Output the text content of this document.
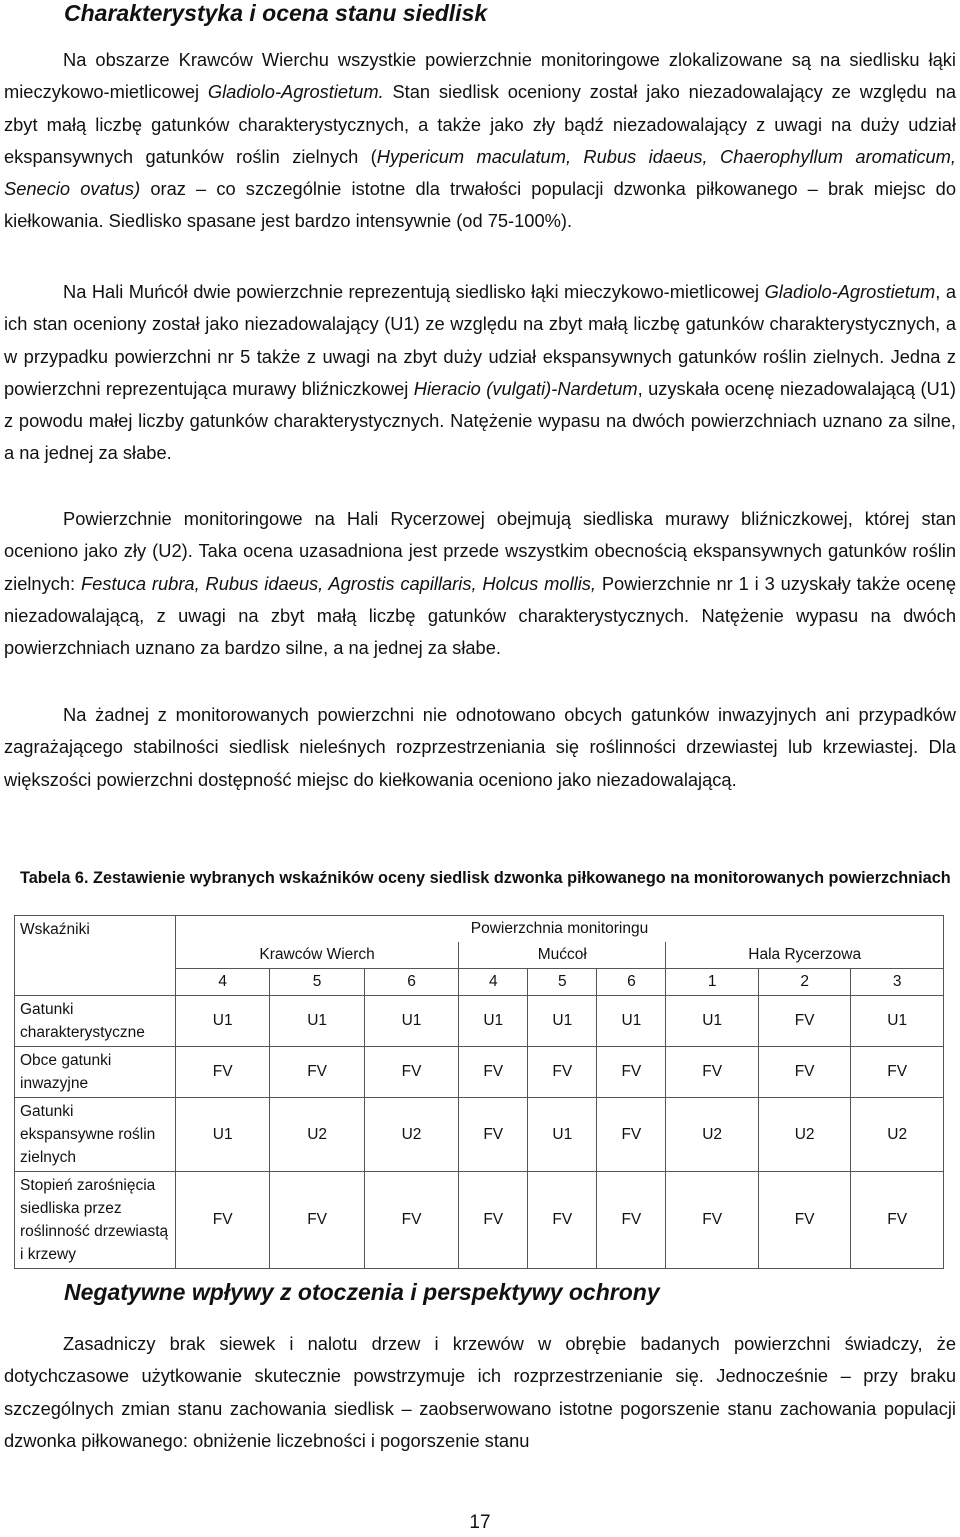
Charakterystyka i ocena stanu siedlisk

Na obszarze Krawców Wierchu wszystkie powierzchnie monitoringowe zlokalizowane są na siedlisku łąki mieczykowo-mietlicowej Gladiolo-Agrostietum. Stan siedlisk oceniony został jako niezadowalający ze względu na zbyt małą liczbę gatunków charakterystycznych, a także jako zły bądź niezadowalający z uwagi na duży udział ekspansywnych gatunków roślin zielnych (Hypericum maculatum, Rubus idaeus, Chaerophyllum aromaticum, Senecio ovatus) oraz – co szczególnie istotne dla trwałości populacji dzwonka piłkowanego – brak miejsc do kiełkowania. Siedlisko spasane jest bardzo intensywnie (od 75-100%).

Na Hali Muńcół dwie powierzchnie reprezentują siedlisko łąki mieczykowo-mietlicowej Gladiolo-Agrostietum, a ich stan oceniony został jako niezadowalający (U1) ze względu na zbyt małą liczbę gatunków charakterystycznych, a w przypadku powierzchni nr 5 także z uwagi na zbyt duży udział ekspansywnych gatunków roślin zielnych. Jedna z powierzchni reprezentująca murawy bliźniczkowej Hieracio (vulgati)-Nardetum, uzyskała ocenę niezadowalającą (U1) z powodu małej liczby gatunków charakterystycznych. Natężenie wypasu na dwóch powierzchniach uznano za silne, a na jednej za słabe.

Powierzchnie monitoringowe na Hali Rycerzowej obejmują siedliska murawy bliźniczkowej, której stan oceniono jako zły (U2). Taka ocena uzasadniona jest przede wszystkim obecnością ekspansywnych gatunków roślin zielnych: Festuca rubra, Rubus idaeus, Agrostis capillaris, Holcus mollis, Powierzchnie nr 1 i 3 uzyskały także ocenę niezadowalającą, z uwagi na zbyt małą liczbę gatunków charakterystycznych. Natężenie wypasu na dwóch powierzchniach uznano za bardzo silne, a na jednej za słabe.

Na żadnej z monitorowanych powierzchni nie odnotowano obcych gatunków inwazyjnych ani przypadków zagrażającego stabilności siedlisk nieleśnych rozprzestrzeniania się roślinności drzewiastej lub krzewiastej. Dla większości powierzchni dostępność miejsc do kiełkowania oceniono jako niezadowalającą.

Tabela 6. Zestawienie wybranych wskaźników oceny siedlisk dzwonka piłkowanego na monitorowanych powierzchniach

Wskaźniki	Powierzchnia monitoringu								
	Krawców Wierch			Mućcoł			Hala Rycerzowa		
	4	5	6	4	5	6	1	2	3
Gatunki charakterystyczne	U1	U1	U1	U1	U1	U1	U1	FV	U1
Obce gatunki inwazyjne	FV	FV	FV	FV	FV	FV	FV	FV	FV
Gatunki ekspansywne roślin zielnych	U1	U2	U2	FV	U1	FV	U2	U2	U2
Stopień zarośnięcia siedliska przez roślinność drzewiastą i krzewy	FV	FV	FV	FV	FV	FV	FV	FV	FV
Negatywne wpływy z otoczenia i perspektywy ochrony

Zasadniczy brak siewek i nalotu drzew i krzewów w obrębie badanych powierzchni świadczy, że dotychczasowe użytkowanie skutecznie powstrzymuje ich rozprzestrzenianie się. Jednocześnie – przy braku szczególnych zmian stanu zachowania siedlisk – zaobserwowano istotne pogorszenie stanu zachowania populacji dzwonka piłkowanego: obniżenie liczebności i pogorszenie stanu

17
